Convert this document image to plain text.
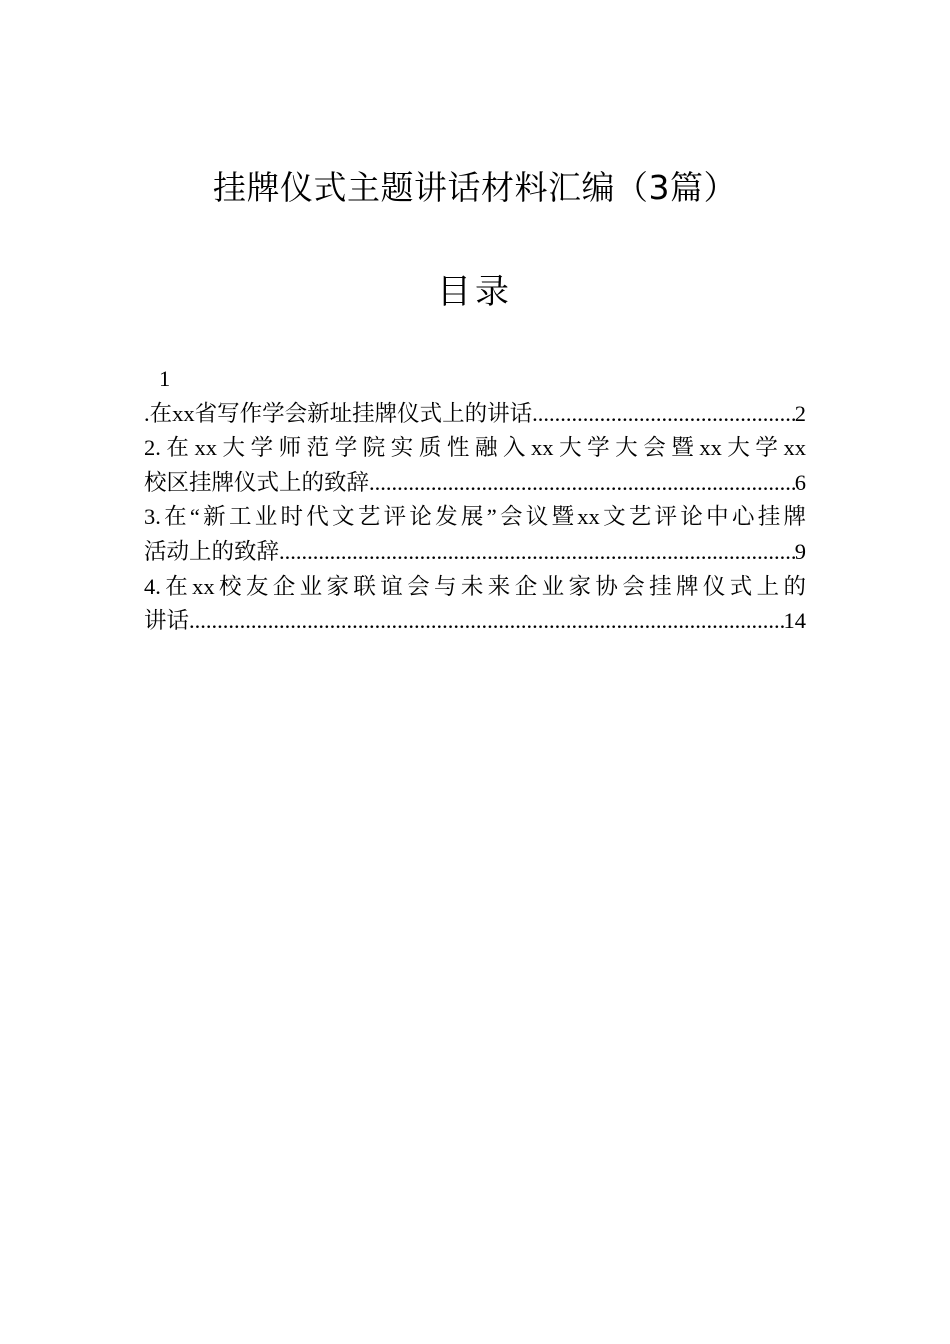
挂牌仪式主题讲话材料汇编（3篇）
目录
1
.在xx省写作学会新址挂牌仪式上的讲话 .....	2
2.在xx大学师范学院实质性融入xx大学大会暨xx大学xx
校区挂牌仪式上的致辞 .....	6
3.在“新工业时代文艺评论发展”会议暨xx文艺评论中心挂牌
活动上的致辞 .....	9
4.在xx校友企业家联谊会与未来企业家协会挂牌仪式上的
讲话 .....	14
